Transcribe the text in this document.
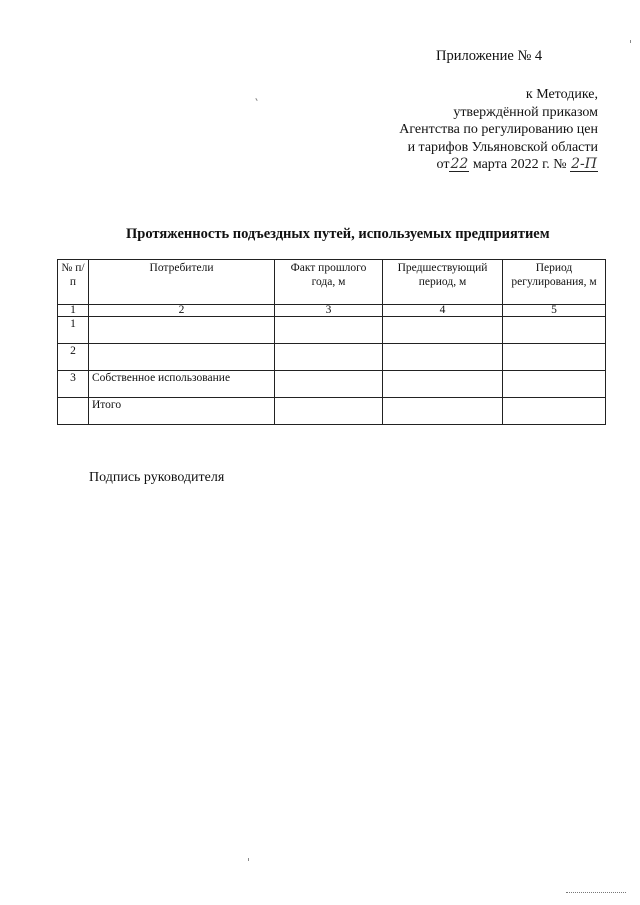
Приложение № 4
к Методике,
утверждённой приказом
Агентства по регулированию цен
и тарифов Ульяновской области
от22 марта 2022 г. № 2-П
Протяженность подъездных путей, используемых предприятием
№ п/п	Потребители	Факт прошлого года, м	Предшествующий период, м	Период регулирования, м
1	2	3	4	5
1				
2				
3	Собственное использование			
	Итого			
Подпись руководителя
